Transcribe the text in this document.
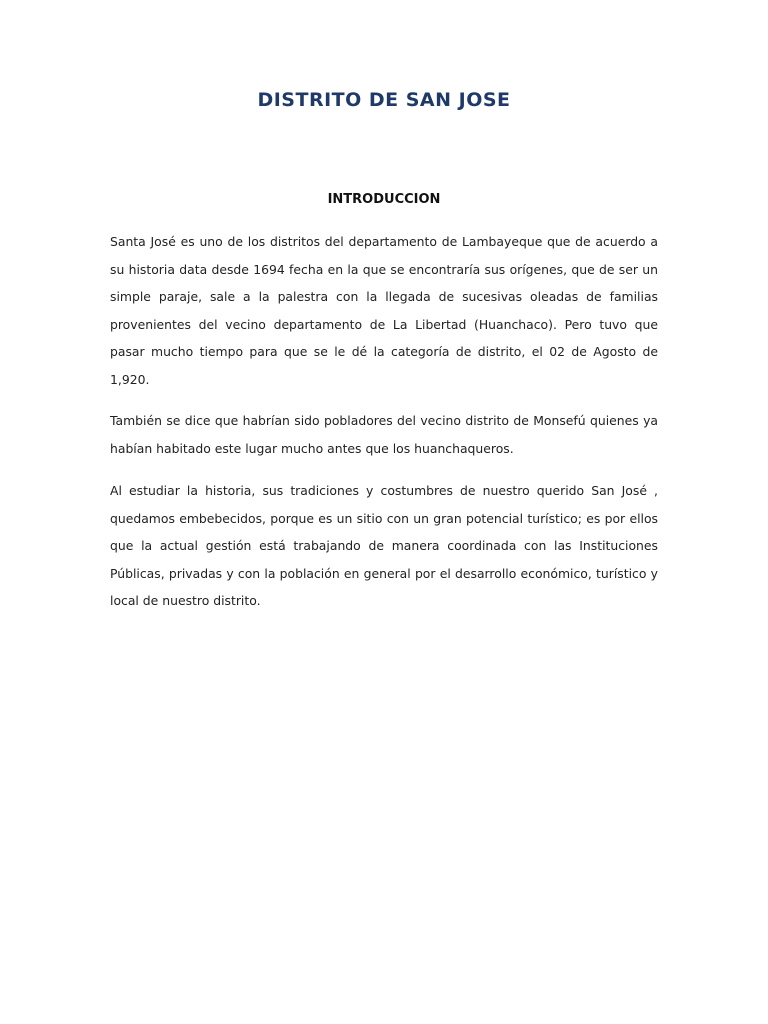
DISTRITO DE SAN JOSE
INTRODUCCION

Santa José es uno de los distritos del departamento de Lambayeque que de acuerdo a su historia data desde 1694 fecha en la que se encontraría sus orígenes, que de ser un simple paraje, sale a la palestra con la llegada de sucesivas oleadas de familias provenientes del vecino departamento de La Libertad (Huanchaco). Pero tuvo que pasar mucho tiempo para que se le dé la categoría de distrito, el 02 de Agosto de 1,920.

También se dice que habrían sido pobladores del vecino distrito de Monsefú quienes ya habían habitado este lugar mucho antes que los huanchaqueros.

Al estudiar la historia, sus tradiciones y costumbres de nuestro querido San José , quedamos embebecidos, porque es un sitio con un gran potencial turístico; es por ellos que la actual gestión está trabajando de manera coordinada con las Instituciones Públicas, privadas y con la población en general por el desarrollo económico, turístico y local de nuestro distrito.
